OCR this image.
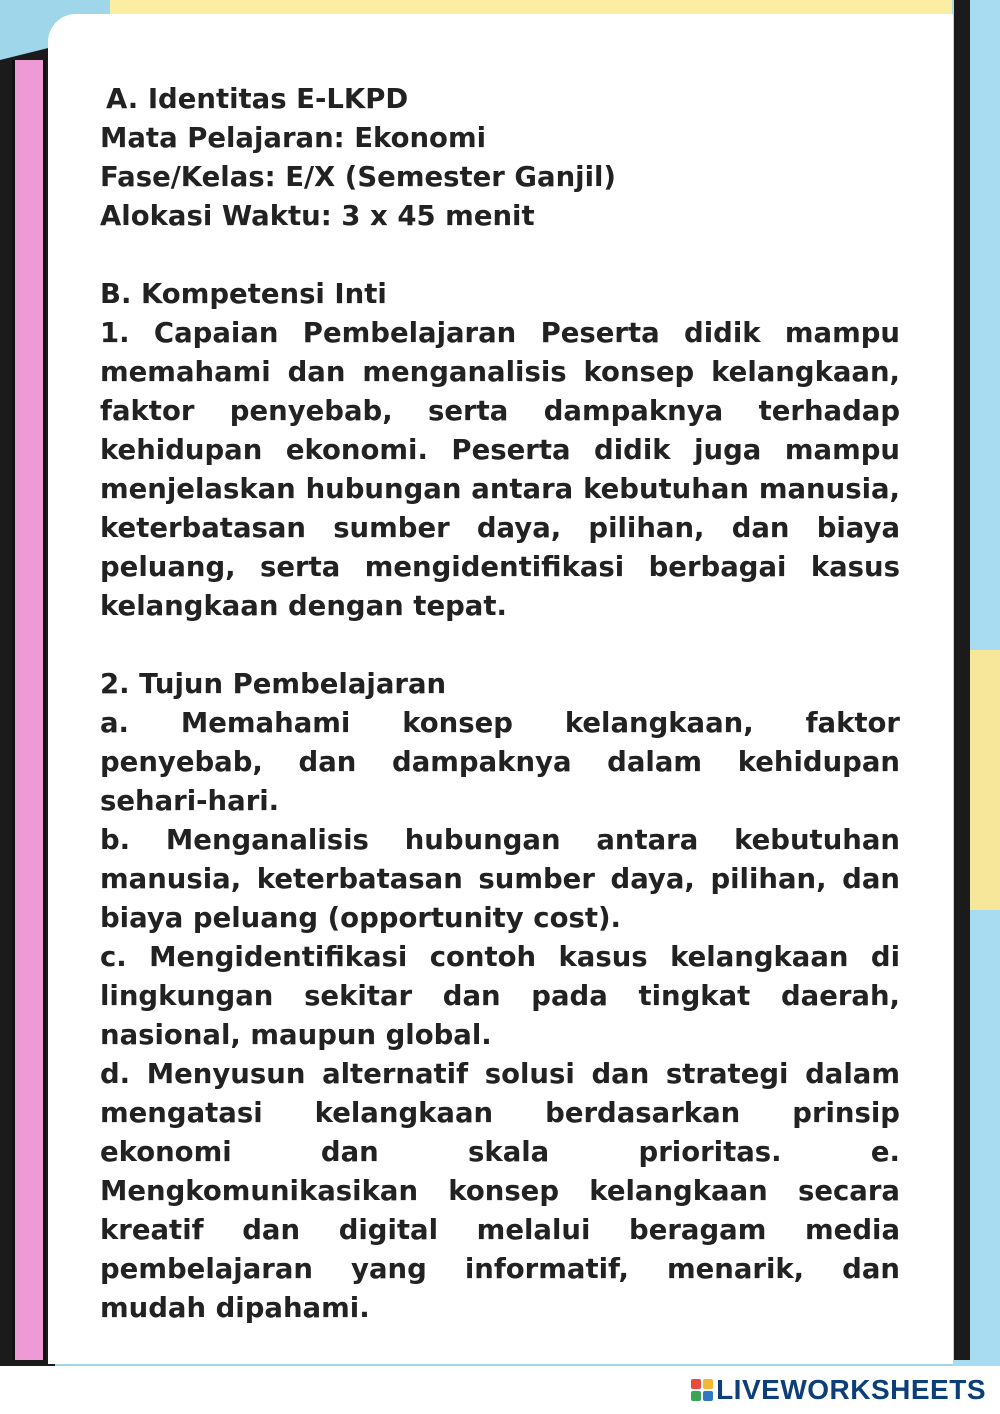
A. Identitas E-LKPD
Mata Pelajaran: Ekonomi
Fase/Kelas: E/X (Semester Ganjil)
Alokasi Waktu: 3 x 45 menit
B. Kompetensi Inti
1. Capaian Pembelajaran Peserta didik mampu memahami dan menganalisis konsep kelangkaan, faktor penyebab, serta dampaknya terhadap kehidupan ekonomi. Peserta didik juga mampu menjelaskan hubungan antara kebutuhan manusia, keterbatasan sumber daya, pilihan, dan biaya peluang, serta mengidentifikasi berbagai kasus kelangkaan dengan tepat.
2. Tujun Pembelajaran
a. Memahami konsep kelangkaan, faktor penyebab, dan dampaknya dalam kehidupan sehari-hari.
b. Menganalisis hubungan antara kebutuhan manusia, keterbatasan sumber daya, pilihan, dan biaya peluang (opportunity cost).
c. Mengidentifikasi contoh kasus kelangkaan di lingkungan sekitar dan pada tingkat daerah, nasional, maupun global.
d. Menyusun alternatif solusi dan strategi dalam mengatasi kelangkaan berdasarkan prinsip ekonomi dan skala prioritas. e. Mengkomunikasikan konsep kelangkaan secara kreatif dan digital melalui beragam media pembelajaran yang informatif, menarik, dan mudah dipahami.
LIVEWORKSHEETS
